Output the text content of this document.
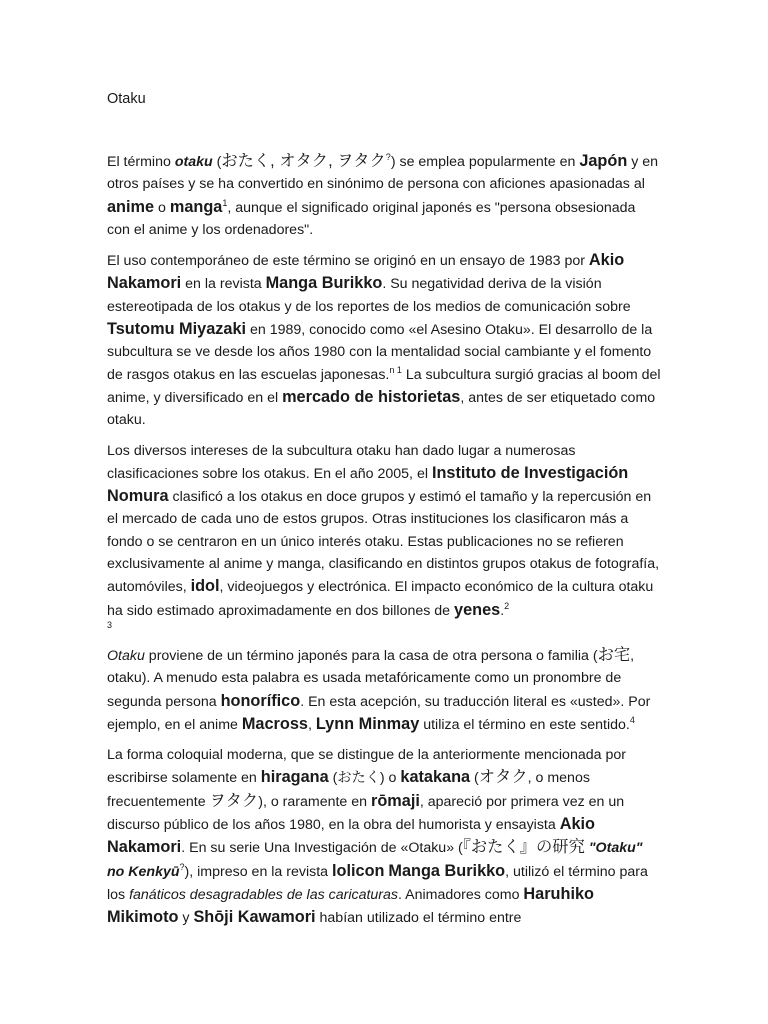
Otaku

El término otaku (おたく, オタク, ヲタク?) se emplea popularmente en Japón y en otros países y se ha convertido en sinónimo de persona con aficiones apasionadas al anime o manga$^1$, aunque el significado original japonés es "persona obsesionada con el anime y los ordenadores".

El uso contemporáneo de este término se originó en un ensayo de 1983 por Akio Nakamori en la revista Manga Burikko. Su negatividad deriva de la visión estereotipada de los otakus y de los reportes de los medios de comunicación sobre Tsutomu Miyazaki en 1989, conocido como «el Asesino Otaku». El desarrollo de la subcultura se ve desde los años 1980 con la mentalidad social cambiante y el fomento de rasgos otakus en las escuelas japonesas.$^{n 1}$ La subcultura surgió gracias al boom del anime, y diversificado en el mercado de historietas, antes de ser etiquetado como otaku.

Los diversos intereses de la subcultura otaku han dado lugar a numerosas clasificaciones sobre los otakus. En el año 2005, el Instituto de Investigación Nomura clasificó a los otakus en doce grupos y estimó el tamaño y la repercusión en el mercado de cada uno de estos grupos. Otras instituciones los clasificaron más a fondo o se centraron en un único interés otaku. Estas publicaciones no se refieren exclusivamente al anime y manga, clasificando en distintos grupos otakus de fotografía, automóviles, idol, videojuegos y electrónica. El impacto económico de la cultura otaku ha sido estimado aproximadamente en dos billones de yenes.$^2$
3

Otaku proviene de un término japonés para la casa de otra persona o familia (お宅, otaku). A menudo esta palabra es usada metafóricamente como un pronombre de segunda persona honorífico. En esta acepción, su traducción literal es «usted». Por ejemplo, en el anime Macross, Lynn Minmay utiliza el término en este sentido.$^4$

La forma coloquial moderna, que se distingue de la anteriormente mencionada por escribirse solamente en hiragana (おたく) o katakana (オタク, o menos frecuentemente ヲタク), o raramente en rōmaji, apareció por primera vez en un discurso público de los años 1980, en la obra del humorista y ensayista Akio Nakamori. En su serie Una Investigación de «Otaku» (『おたく』の研究 "Otaku" no Kenkyū?), impreso en la revista lolicon Manga Burikko, utilizó el término para los fanáticos desagradables de las caricaturas. Animadores como Haruhiko Mikimoto y Shōji Kawamori habían utilizado el término entre
